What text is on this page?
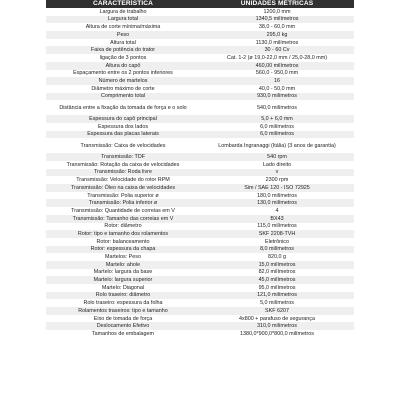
CARACTERÍSTICA	UNIDADES MÉTRICAS
Largura de trabalho	1200,0 mm
Largura total	1340,5 milímetros
Altura de corte mínima/máxima	38,0 - 60,0 mm
Peso	295,0 kg
Altura total	1130,0 milímetros
Faixa de potência do trator	30 - 60 Cv
ligação de 3 pontos	Cat. 1-2 (ø 19,0-22,0 mm / 25,0-28,0 mm)
Altura do capô	460,00 milímetros
Espaçamento entre os 2 pontos inferiores	560,0 - 950,0 mm
Número de martelos	16
Diâmetro máximo de corte	40,0 - 50,0 mm
Comprimento total	930,0 milímetros
Distância entre a fixação da tomada de força e o solo	540,0 milímetros
Espessura do capô principal	5,0 + 6,0 mm
Espessura dos lados	6,0 milímetros
Espessura das placas laterais	6,0 milímetros
Transmissão: Caixa de velocidades	Lombarda Ingranaggi (Itália) (3 anos de garantia)
Transmissão: TDF	540 rpm
Transmissão: Rotação da caixa de velocidades	Lado direito
Transmissão: Roda livre	v
Transmissão: Velocidade do rotor RPM	2300 rpm
Transmissão: Óleo na caixa de velocidades	Sim / SAE 120 - ISO 72925
Transmissão: Polia superior ø	180,0 milímetros
Transmissão: Polia inferior ø	130,0 milímetros
Transmissão: Quantidade de correias em V	4
Transmissão: Tamanho das correias em V	BX43
Rotor: diâmetro	115,0 milímetros
Rotor: tipo e tamanho dos rolamentos	SKF 2208-TVH
Rotor: balanceamento	Eletrônico
Rotor: espessura da chapa	8,0 milímetros
Martelos: Peso	820,0 g
Martelo: ahole	15,0 milímetros
Martelo: largura da base	82,0 milímetros
Martelo: largura superior	45,0 milímetros
Martelo: Diagonal	95,0 milímetros
Rolo traseiro: diâmetro	121,0 milímetros
Rolo traseiro: espessura da folha	5,0 milímetros
Rolamentos traseiros: tipo e tamanho	SKF 6207
Eixo de tomada de força	4x800 + parafuso de segurança
Deslocamento Efetivo	310,0 milímetros
Tamanhos de embalagem	1380,0*900,0*800,0 milímetros
